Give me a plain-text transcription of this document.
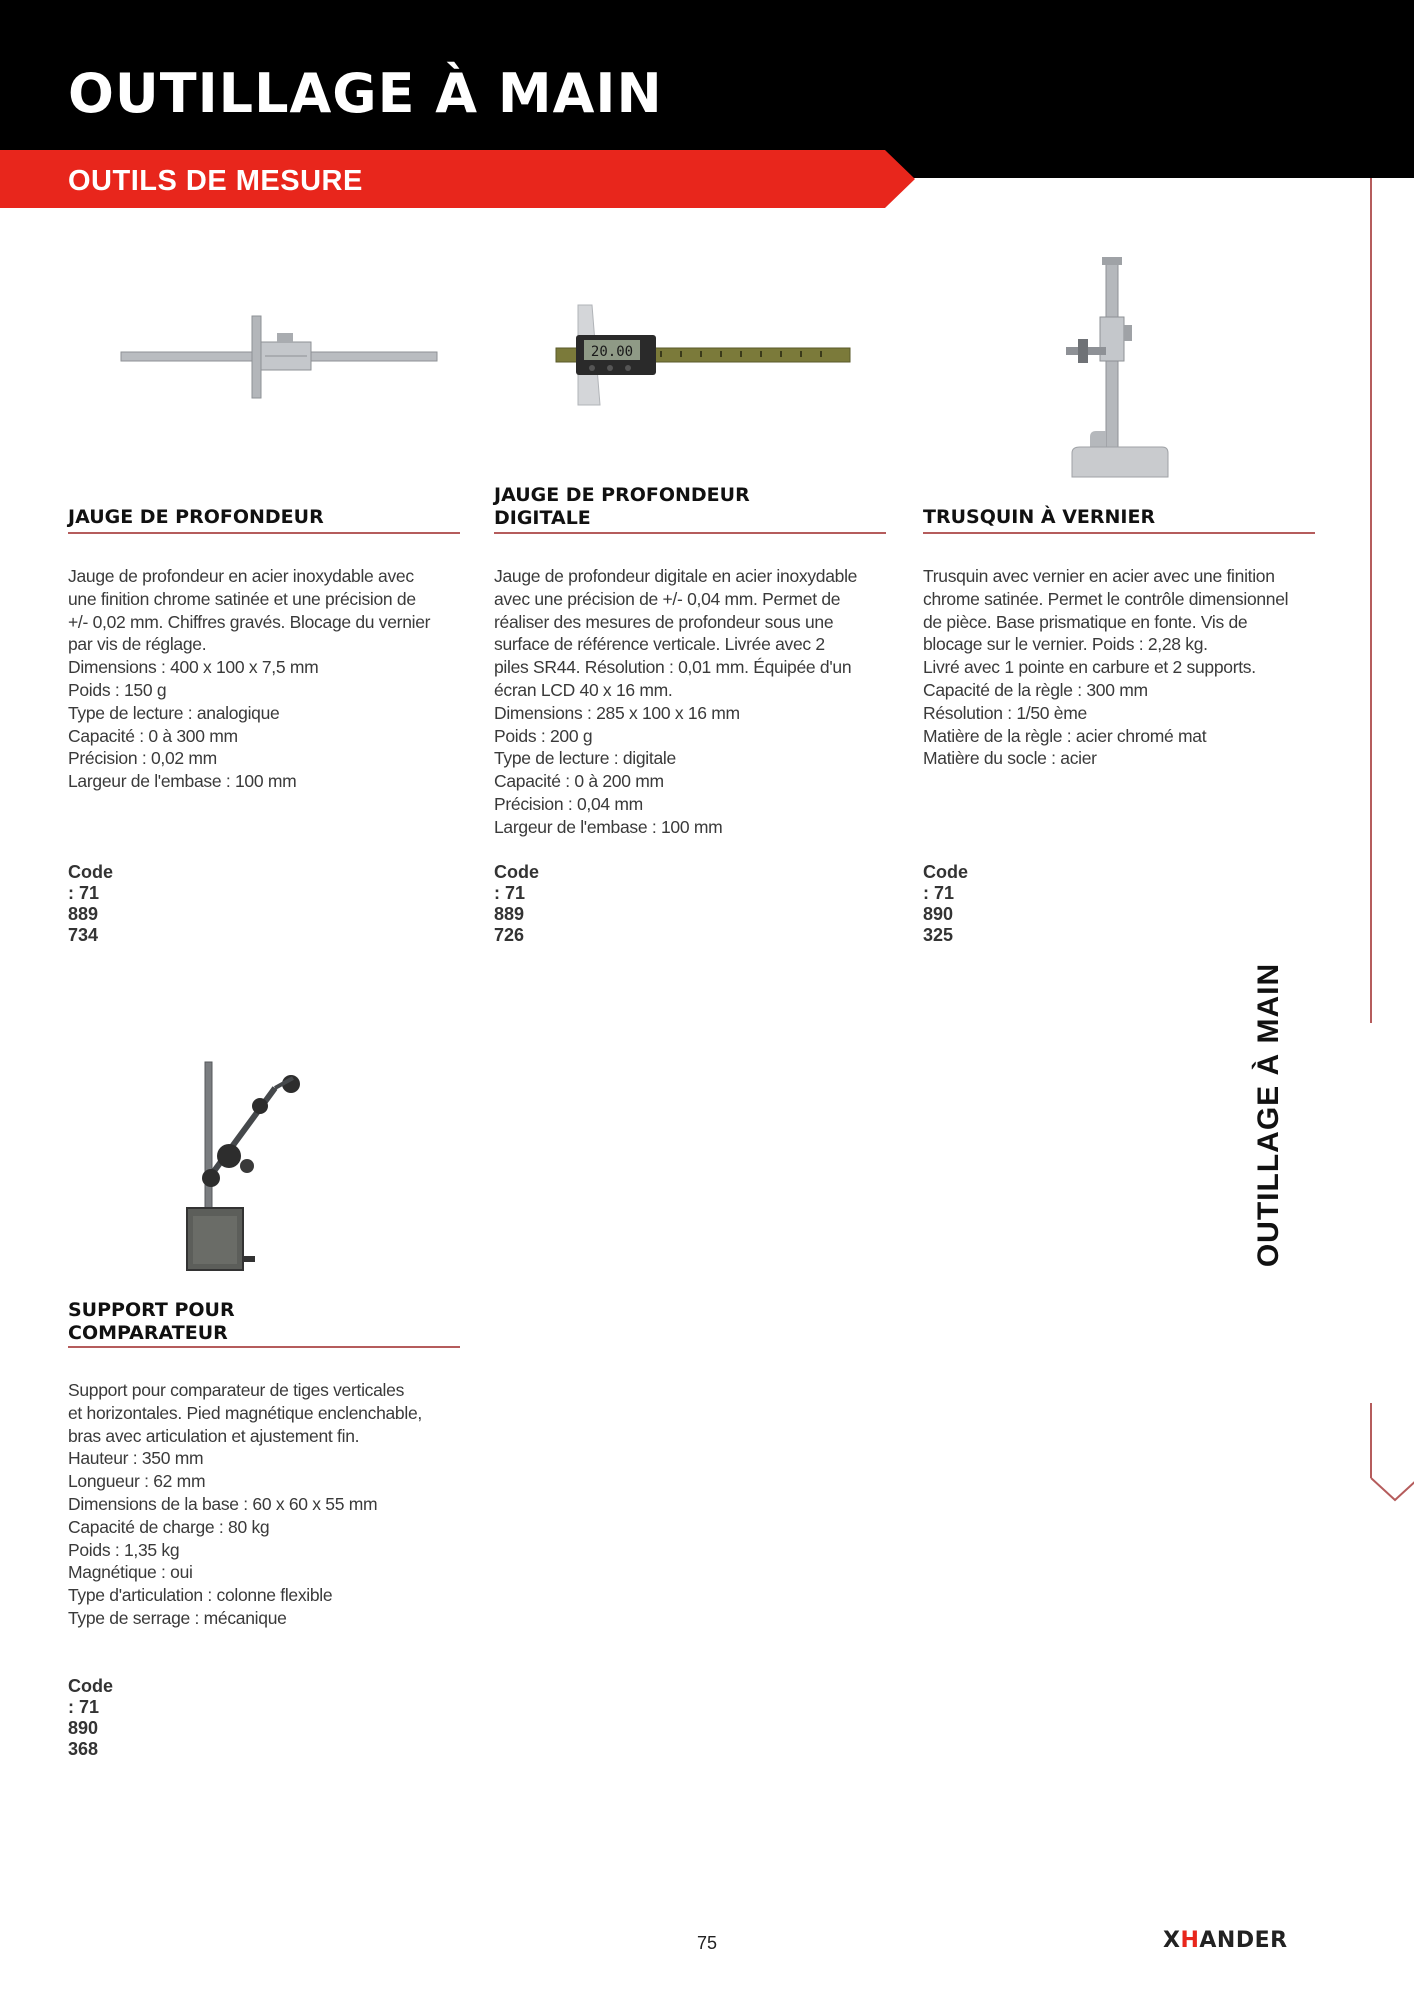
OUTILLAGE À MAIN
OUTILS DE MESURE
OUTILLAGE À MAIN
JAUGE DE PROFONDEUR

Jauge de profondeur en acier inoxydable avec
une finition chrome satinée et une précision de
+/- 0,02 mm. Chiffres gravés. Blocage du vernier
par vis de réglage.
Dimensions : 400 x 100 x 7,5 mm
Poids : 150 g
Type de lecture : analogique
Capacité : 0 à 300 mm
Précision : 0,02 mm
Largeur de l'embase : 100 mm

Code : 71 889 734

20.00
JAUGE DE PROFONDEUR
DIGITALE

Jauge de profondeur digitale en acier inoxydable
avec une précision de +/- 0,04 mm. Permet de
réaliser des mesures de profondeur sous une
surface de référence verticale. Livrée avec 2
piles SR44. Résolution : 0,01 mm. Équipée d'un
écran LCD 40 x 16 mm.
Dimensions : 285 x 100 x 16 mm
Poids : 200 g
Type de lecture : digitale
Capacité : 0 à 200 mm
Précision : 0,04 mm
Largeur de l'embase : 100 mm

Code : 71 889 726

TRUSQUIN À VERNIER

Trusquin avec vernier en acier avec une finition
chrome satinée. Permet le contrôle dimensionnel
de pièce. Base prismatique en fonte. Vis de
blocage sur le vernier. Poids : 2,28 kg.
Livré avec 1 pointe en carbure et 2 supports.
Capacité de la règle : 300 mm
Résolution : 1/50 ème
Matière de la règle : acier chromé mat
Matière du socle : acier

Code : 71 890 325

SUPPORT POUR
COMPARATEUR

Support pour comparateur de tiges verticales
et horizontales. Pied magnétique enclenchable,
bras avec articulation et ajustement fin.
Hauteur : 350 mm
Longueur : 62 mm
Dimensions de la base : 60 x 60 x 55 mm
Capacité de charge : 80 kg
Poids : 1,35 kg
Magnétique : oui
Type d'articulation : colonne flexible
Type de serrage : mécanique

Code : 71 890 368

75	XHANDER
